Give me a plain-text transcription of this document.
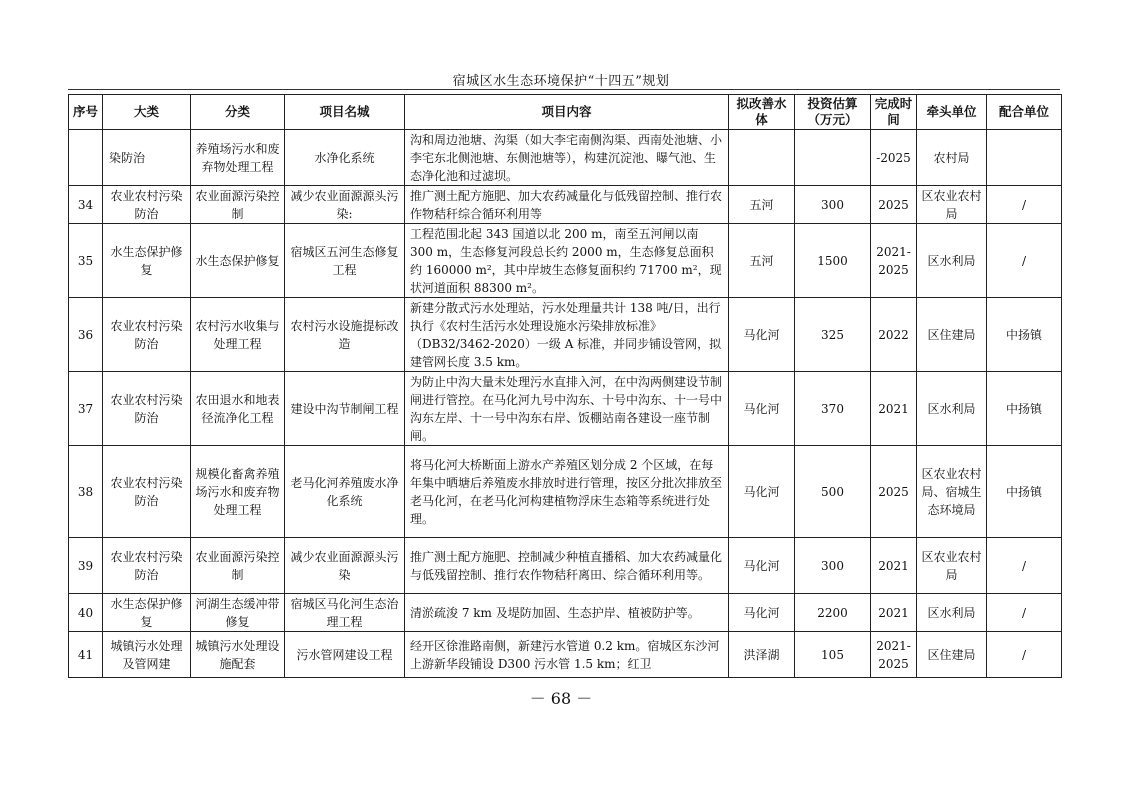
宿城区水生态环境保护“十四五”规划
序号	大类	分类	项目名城	项目内容	拟改善水体	投资估算（万元）	完成时间	牵头单位	配合单位
	染防治	养殖场污水和废弃物处理工程	水净化系统	沟和周边池塘、沟渠（如大李宅南侧沟渠、西南处池塘、小李宅东北侧池塘、东侧池塘等），构建沉淀池、曝气池、生态净化池和过滤坝。			-2025	农村局	
34	农业农村污染防治	农业面源污染控制	减少农业面源源头污染:	推广测土配方施肥、加大农药减量化与低残留控制、推行农作物秸秆综合循环利用等	五河	300	2025	区农业农村局	/
35	水生态保护修复	水生态保护修复	宿城区五河生态修复工程	工程范围北起 343 国道以北 200 m，南至五河闸以南 300 m，生态修复河段总长约 2000 m，生态修复总面积约 160000 m²，其中岸坡生态修复面积约 71700 m²，现状河道面积 88300 m²。	五河	1500	2021-2025	区水利局	/
36	农业农村污染防治	农村污水收集与处理工程	农村污水设施提标改造	新建分散式污水处理站，污水处理量共计 138 吨/日，出行执行《农村生活污水处理设施水污染排放标准》（DB32/3462-2020）一级 A 标准，并同步铺设管网，拟建管网长度 3.5 km。	马化河	325	2022	区住建局	中扬镇
37	农业农村污染防治	农田退水和地表径流净化工程	建设中沟节制闸工程	为防止中沟大量未处理污水直排入河，在中沟两侧建设节制闸进行管控。在马化河九号中沟东、十号中沟东、十一号中沟东左岸、十一号中沟东右岸、饭棚站南各建设一座节制闸。	马化河	370	2021	区水利局	中扬镇
38	农业农村污染防治	规模化畜禽养殖场污水和废弃物处理工程	老马化河养殖废水净化系统	将马化河大桥断面上游水产养殖区划分成 2 个区域，在每年集中晒塘后养殖废水排放时进行管理，按区分批次排放至老马化河，在老马化河构建植物浮床生态箱等系统进行处理。	马化河	500	2025	区农业农村局、宿城生态环境局	中扬镇
39	农业农村污染防治	农业面源污染控制	减少农业面源源头污染	推广测土配方施肥、控制减少种植直播稻、加大农药减量化与低残留控制、推行农作物秸秆离田、综合循环利用等。	马化河	300	2021	区农业农村局	/
40	水生态保护修复	河湖生态缓冲带修复	宿城区马化河生态治理工程	清淤疏浚 7 km 及堤防加固、生态护岸、植被防护等。	马化河	2200	2021	区水利局	/
41	城镇污水处理及管网建	城镇污水处理设施配套	污水管网建设工程	经开区徐淮路南侧，新建污水管道 0.2 km。宿城区东沙河上游新华段铺设 D300 污水管 1.5 km；红卫	洪泽湖	105	2021-2025	区住建局	/
－ 68 －
